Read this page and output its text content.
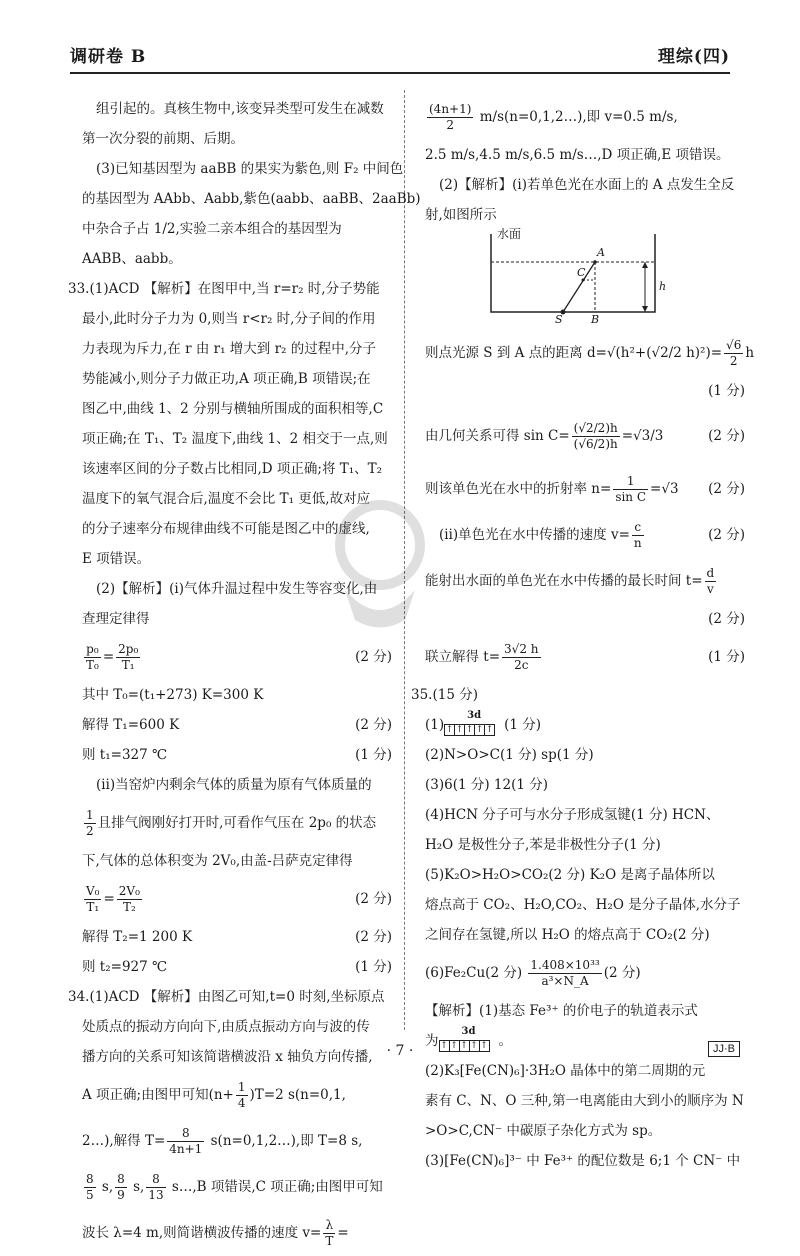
调研卷 B	理综(四)
组引起的。真核生物中,该变异类型可发生在减数
第一次分裂的前期、后期。
(3)已知基因型为 aaBB 的果实为紫色,则 F₂ 中间色
的基因型为 AAbb、Aabb,紫色(aabb、aaBB、2aaBb)
中杂合子占 1/2,实验二亲本组合的基因型为
AABB、aabb。
33.(1)ACD 【解析】在图甲中,当 r=r₂ 时,分子势能
最小,此时分子力为 0,则当 r<r₂ 时,分子间的作用
力表现为斥力,在 r 由 r₁ 增大到 r₂ 的过程中,分子
势能减小,则分子力做正功,A 项正确,B 项错误;在
图乙中,曲线 1、2 分别与横轴所围成的面积相等,C
项正确;在 T₁、T₂ 温度下,曲线 1、2 相交于一点,则
该速率区间的分子数占比相同,D 项正确;将 T₁、T₂
温度下的氧气混合后,温度不会比 T₁ 更低,故对应
的分子速率分布规律曲线不可能是图乙中的虚线,
E 项错误。
(2)【解析】(ⅰ)气体升温过程中发生等容变化,由
查理定律得
$\frac{\text{p₀}}{\text{T₀}} = \frac{\text{2p₀}}{\text{T₁}}$	(2 分)
其中 T₀=(t₁+273) K=300 K
解得 T₁=600 K	(2 分)
则 t₁=327 ℃	(1 分)
(ⅱ)当窑炉内剩余气体的质量为原有气体质量的
$\frac{1}{2}$ 且排气阀刚好打开时,可看作气压在 2p₀ 的状态
下,气体的总体积变为 2V₀,由盖-吕萨克定律得
$\frac{\text{V₀}}{\text{T₁}} = \frac{\text{2V₀}}{\text{T₂}}$	(2 分)
解得 T₂=1 200 K	(2 分)
则 t₂=927 ℃	(1 分)
34.(1)ACD 【解析】由图乙可知,t=0 时刻,坐标原点
处质点的振动方向向下,由质点振动方向与波的传
播方向的关系可知该简谐横波沿 x 轴负方向传播,
A 项正确;由图甲可知$(n+ \frac{1}{4} )T=2$ s(n=0,1,
2…),解得 $T= \frac{8}{4n+1}$ s(n=0,1,2…),即 T=8 s,
$\frac{8}{5} s$, $\frac{8}{9} s$, $\frac{8}{13}$ s…,B 项错误,C 项正确;由图甲可知
波长 λ=4 m,则简谐横波传播的速度 $v= \frac{\lambda}{T}$ =
$\frac{(4n+1)}{2}$ m/s(n=0,1,2…),即 v=0.5 m/s,
2.5 m/s,4.5 m/s,6.5 m/s…,D 项正确,E 项错误。
(2)【解析】(ⅰ)若单色光在水面上的 A 点发生全反
射,如图所示
水面
A
C
S	B
h
则点光源 S 到 A 点的距离 d=√(h²+(√2/2 $h)^2)= \frac{√6}{2}$ h
(1 分)
由几何关系可得 $\sin C= \frac{(√2/2)h}{(√6/2)h} =√3/3$	(2 分)
则该单色光在水中的折射率 $n= \frac{1}{\text{sin C}} =√3$ (2 分)
(ⅱ)单色光在水中传播的速度 $v= \frac{c}{n}$	(2 分)
能射出水面的单色光在水中传播的最长时间 $t= \frac{d}{v}$
(2 分)
联立解得 $t= \frac{3√2 h}{2c}$	(1 分)
35.(15 分)
(1)
3d
↑ ↑ ↑ ↑ ↑ (1 分)
(2)N>O>C(1 分) sp(1 分)
(3)6(1 分) 12(1 分)
(4)HCN 分子可与水分子形成氢键(1 分) HCN、
H₂O 是极性分子,苯是非极性分子(1 分)
(5)K₂O>H₂O>CO₂(2 分) K₂O 是离子晶体所以
熔点高于 CO₂、H₂O,CO₂、H₂O 是分子晶体,水分子
之间存在氢键,所以 H₂O 的熔点高于 CO₂(2 分)
(6)Fe₂Cu(2 分) $\frac{\text{1.408×10³³}}{\text{a³×N\_A}} (2$ 分)
【解析】(1)基态 Fe³⁺ 的价电子的轨道表示式
为
3d
↑ ↑ ↑ ↑ ↑ 。
(2)K₃[Fe(CN)₆]·3H₂O 晶体中的第二周期的元
素有 C、N、O 三种,第一电离能由大到小的顺序为 N
>O>C,CN⁻ 中碳原子杂化方式为 sp。
(3)[Fe(CN)₆]³⁻ 中 Fe³⁺ 的配位数是 6;1 个 CN⁻ 中
· 7 ·	JJ·B
